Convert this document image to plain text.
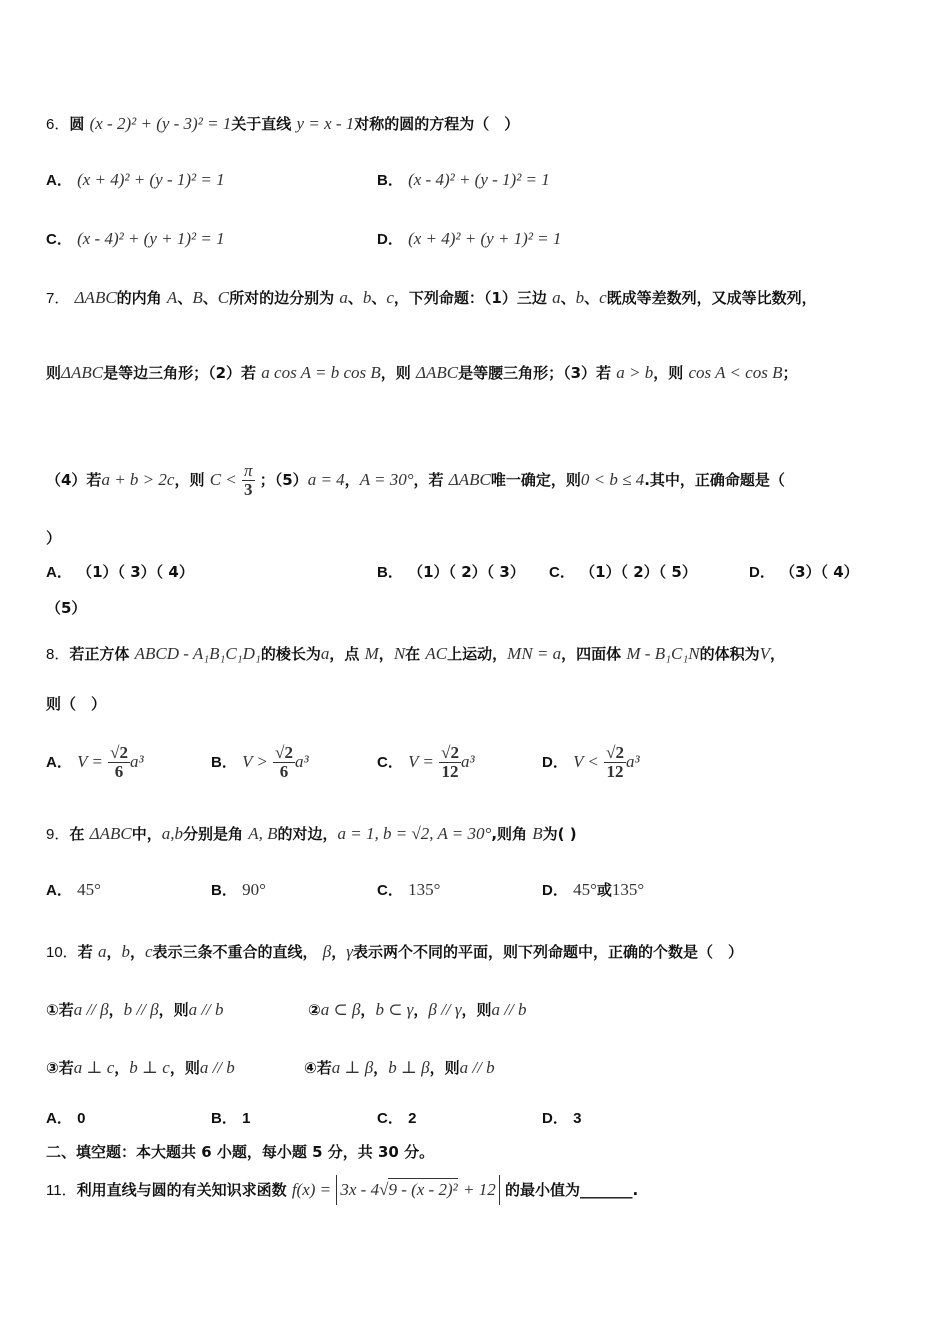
6．圆 (x - 2)² + (y - 3)² = 1关于直线 y = x - 1对称的圆的方程为（　）
A． (x + 4)² + (y - 1)² = 1	B． (x - 4)² + (y - 1)² = 1
C． (x - 4)² + (y + 1)² = 1	D． (x + 4)² + (y + 1)² = 1
7． ΔABC的内角 A、B、C所对的边分别为 a、b、c，下列命题：（1）三边 a、b、c既成等差数列，又成等比数列，
则ΔABC是等边三角形；（2）若 a cos A = b cos B，则 ΔABC是等腰三角形；（3）若 a > b，则 cos A < cos B；
（4）若a + b > 2c，则 $C < \frac{\pi}{3}$ ；（5）a = 4，A = 30°，若 ΔABC唯一确定，则0 < b ≤ 4.其中，正确命题是（
）
A． （1）（ 3）（ 4）	B． （1）（ 2）（ 3） C． （1）（ 2）（ 5）	D． （3）（ 4）
（5）
8．若正方体 ABCD - A₁B₁C₁D₁的棱长为a，点 M，N在 AC上运动，MN = a，四面体 M - B₁C₁N的体积为V，
则（　）
A． $V = \frac{√2}{6} a^3$	B． $V > \frac{√2}{6} a^3$	C． $V = \frac{√2}{12} a^3$	D． $V < \frac{√2}{12} a^3$
9．在 ΔABC中，a,b分别是角 A, B的对边，a = 1, b = √2, A = 30°,则角 B为( )
A． 45°	B． 90°	C． 135°	D． 45°或135°
10．若 a，b，c表示三条不重合的直线， β，γ表示两个不同的平面，则下列命题中，正确的个数是（　）
①若a // β，b // β，则a // b	②a ⊂ β，b ⊂ γ，β // γ，则a // b
③若a ⊥ c，b ⊥ c，则a // b	④若a ⊥ β，b ⊥ β，则a // b
A． 0	B． 1	C． 2	D． 3
二、填空题：本大题共 6 小题，每小题 5 分，共 30 分。
11．利用直线与圆的有关知识求函数 f(x) = 3x - 4√9 - (x - 2)² + 12 的最小值为_______.
